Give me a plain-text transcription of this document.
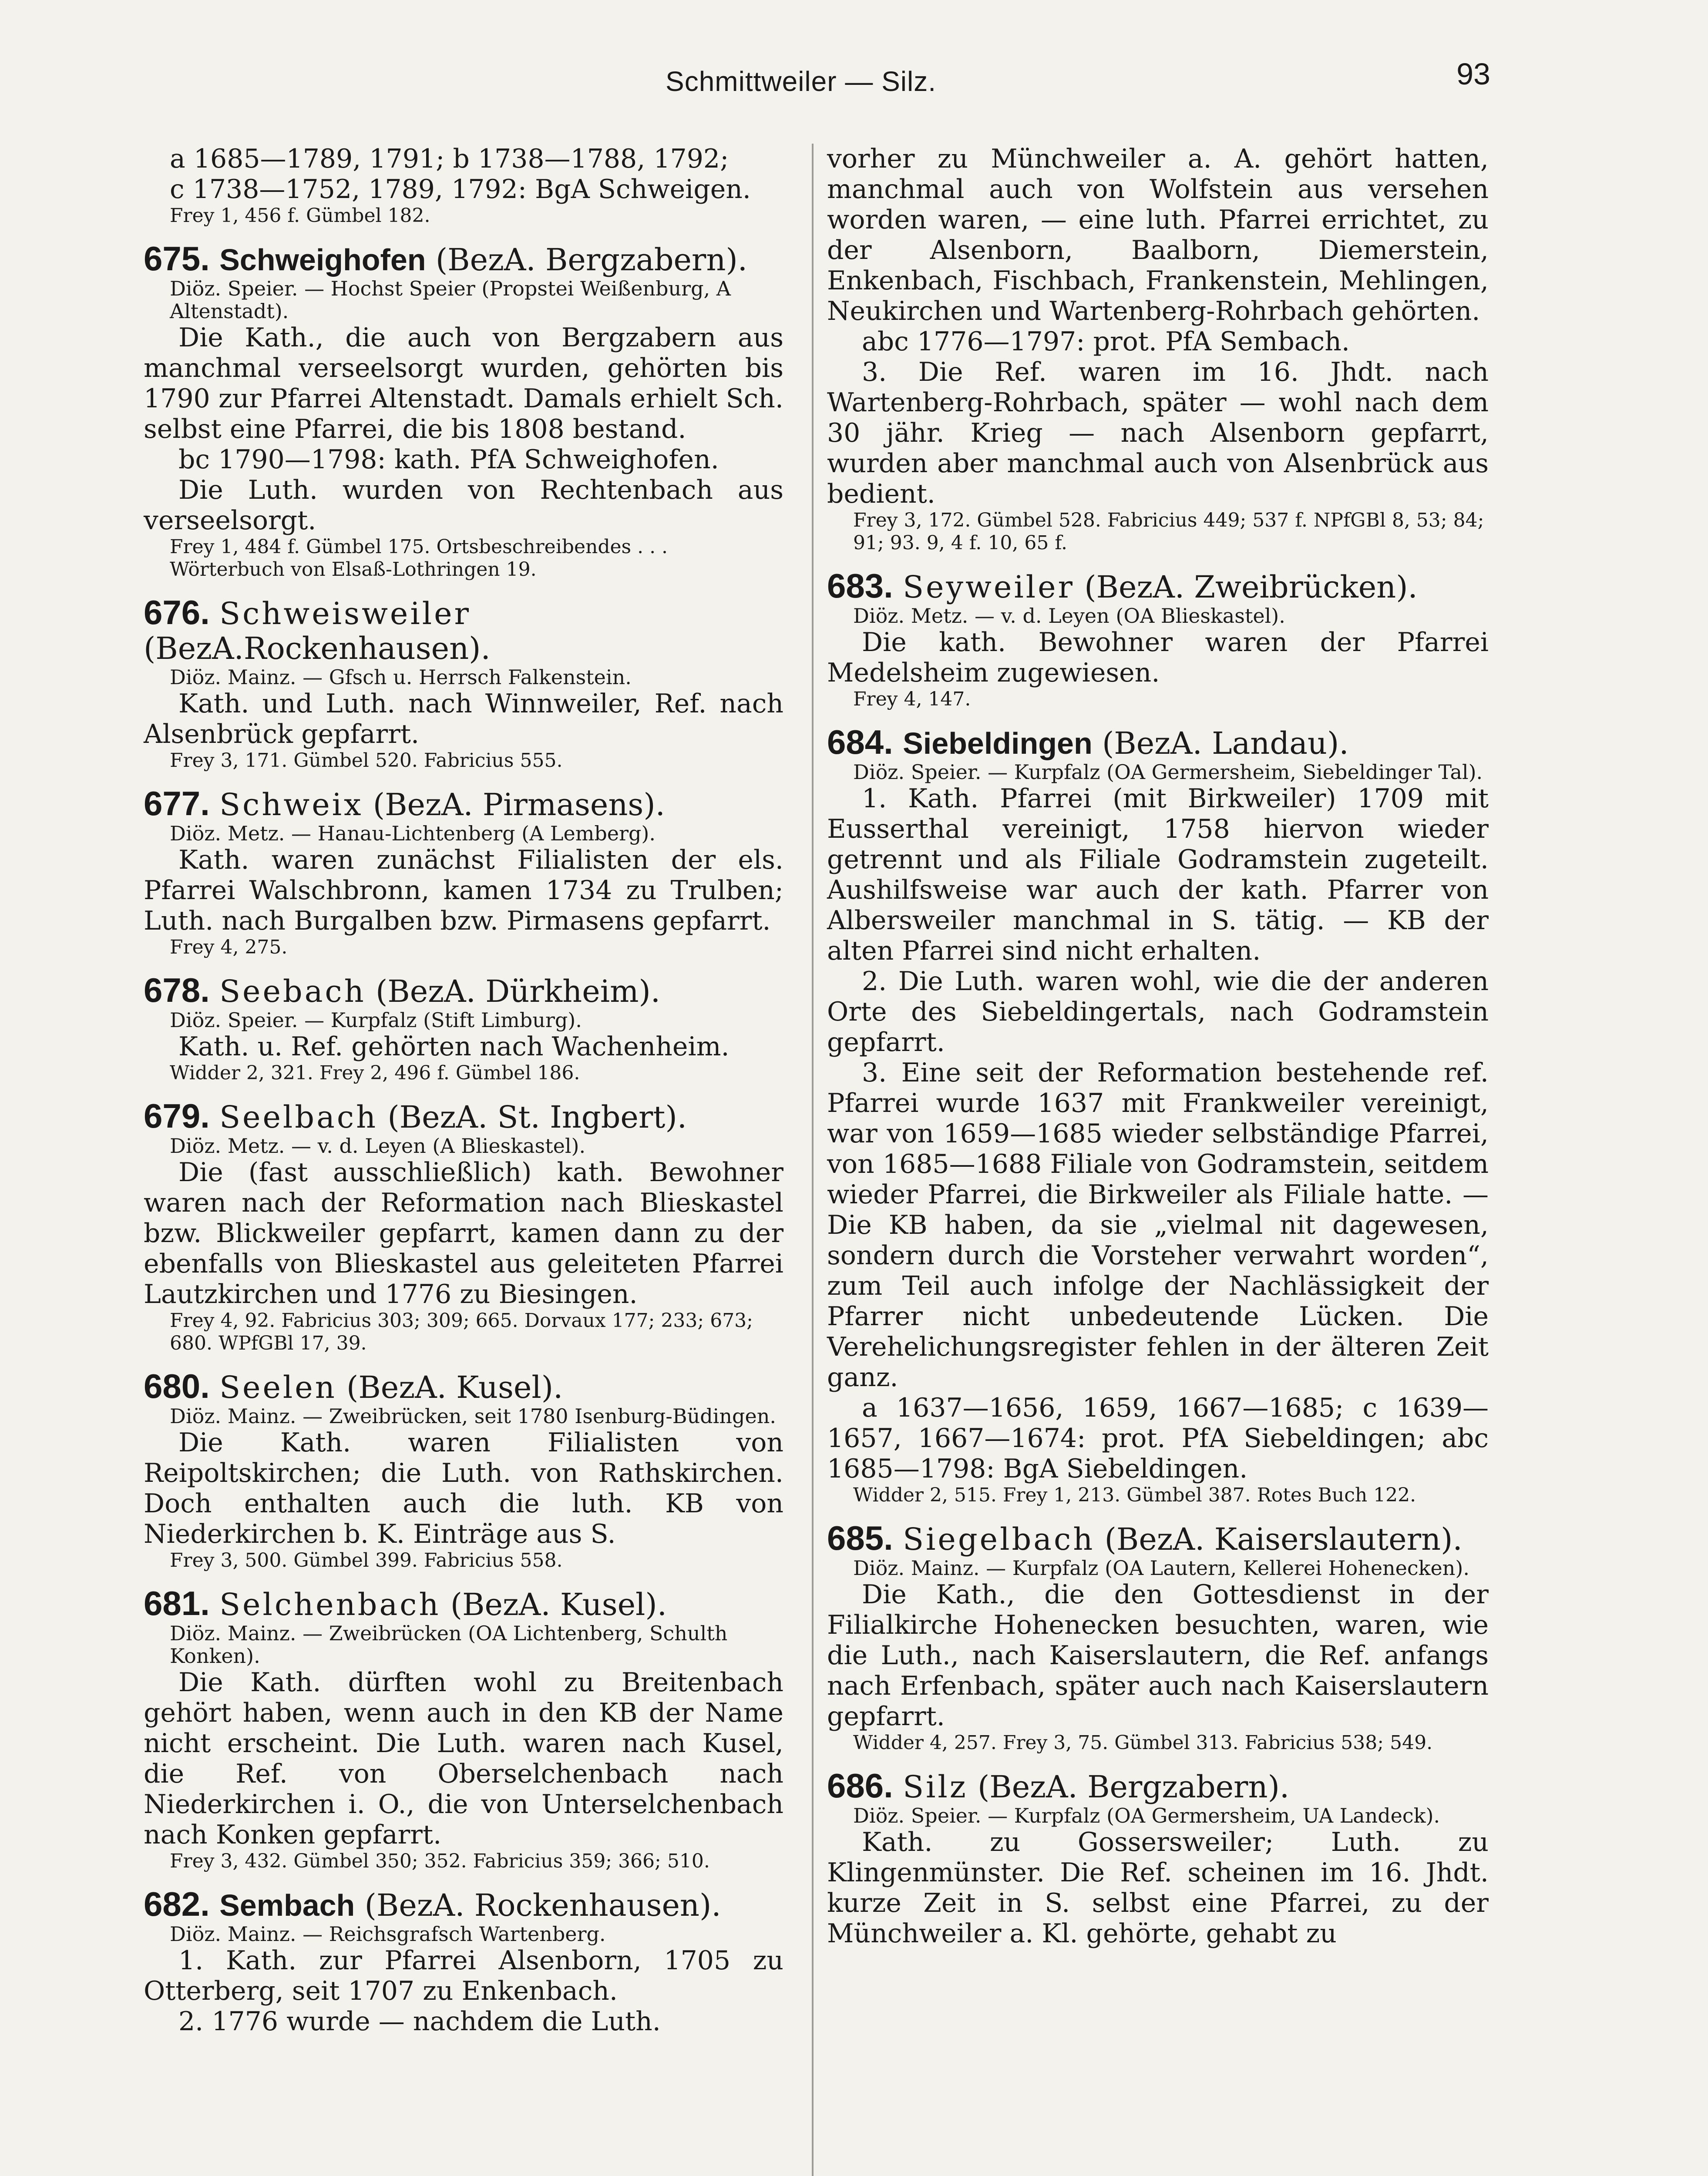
Schmittweiler — Silz.	93

a 1685—1789, 1791; b 1738—1788, 1792;

c 1738—1752, 1789, 1792: BgA Schweigen.

Frey 1, 456 f. Gümbel 182.
675. Schweighofen (BezA. Bergzabern).
Diöz. Speier. — Hochst Speier (Propstei Weißenburg, A Altenstadt).

Die Kath., die auch von Bergzabern aus manchmal verseelsorgt wurden, gehörten bis 1790 zur Pfarrei Altenstadt. Damals erhielt Sch. selbst eine Pfarrei, die bis 1808 bestand.

bc 1790—1798: kath. PfA Schweighofen.

Die Luth. wurden von Rechtenbach aus verseelsorgt.

Frey 1, 484 f. Gümbel 175. Ortsbeschreibendes . . . Wörterbuch von Elsaß-Lothringen 19.
676. Schweisweiler (BezA.Rockenhausen).
Diöz. Mainz. — Gfsch u. Herrsch Falkenstein.

Kath. und Luth. nach Winnweiler, Ref. nach Alsenbrück gepfarrt.

Frey 3, 171. Gümbel 520. Fabricius 555.
677. Schweix (BezA. Pirmasens).
Diöz. Metz. — Hanau-Lichtenberg (A Lemberg).

Kath. waren zunächst Filialisten der els. Pfarrei Walschbronn, kamen 1734 zu Trulben; Luth. nach Burgalben bzw. Pirmasens gepfarrt.

Frey 4, 275.
678. Seebach (BezA. Dürkheim).
Diöz. Speier. — Kurpfalz (Stift Limburg).

Kath. u. Ref. gehörten nach Wachenheim.

Widder 2, 321. Frey 2, 496 f. Gümbel 186.
679. Seelbach (BezA. St. Ingbert).
Diöz. Metz. — v. d. Leyen (A Blieskastel).

Die (fast ausschließlich) kath. Bewohner waren nach der Reformation nach Blieskastel bzw. Blickweiler gepfarrt, kamen dann zu der ebenfalls von Blieskastel aus geleiteten Pfarrei Lautzkirchen und 1776 zu Biesingen.

Frey 4, 92. Fabricius 303; 309; 665. Dorvaux 177; 233; 673; 680. WPfGBl 17, 39.
680. Seelen (BezA. Kusel).
Diöz. Mainz. — Zweibrücken, seit 1780 Isenburg-Büdingen.

Die Kath. waren Filialisten von Reipoltskirchen; die Luth. von Rathskirchen. Doch enthalten auch die luth. KB von Niederkirchen b. K. Einträge aus S.

Frey 3, 500. Gümbel 399. Fabricius 558.
681. Selchenbach (BezA. Kusel).
Diöz. Mainz. — Zweibrücken (OA Lichtenberg, Schulth Konken).

Die Kath. dürften wohl zu Breitenbach gehört haben, wenn auch in den KB der Name nicht erscheint. Die Luth. waren nach Kusel, die Ref. von Oberselchenbach nach Niederkirchen i. O., die von Unterselchenbach nach Konken gepfarrt.

Frey 3, 432. Gümbel 350; 352. Fabricius 359; 366; 510.
682. Sembach (BezA. Rockenhausen).
Diöz. Mainz. — Reichsgrafsch Wartenberg.

1. Kath. zur Pfarrei Alsenborn, 1705 zu Otterberg, seit 1707 zu Enkenbach.

2. 1776 wurde — nachdem die Luth.

vorher zu Münchweiler a. A. gehört hatten, manchmal auch von Wolfstein aus versehen worden waren, — eine luth. Pfarrei errichtet, zu der Alsenborn, Baalborn, Diemerstein, Enkenbach, Fischbach, Frankenstein, Mehlingen, Neukirchen und Wartenberg-Rohrbach gehörten.

abc 1776—1797: prot. PfA Sembach.

3. Die Ref. waren im 16. Jhdt. nach Wartenberg-Rohrbach, später — wohl nach dem 30 jähr. Krieg — nach Alsenborn gepfarrt, wurden aber manchmal auch von Alsenbrück aus bedient.

Frey 3, 172. Gümbel 528. Fabricius 449; 537 f. NPfGBl 8, 53; 84; 91; 93. 9, 4 f. 10, 65 f.
683. Seyweiler (BezA. Zweibrücken).
Diöz. Metz. — v. d. Leyen (OA Blieskastel).

Die kath. Bewohner waren der Pfarrei Medelsheim zugewiesen.

Frey 4, 147.
684. Siebeldingen (BezA. Landau).
Diöz. Speier. — Kurpfalz (OA Germersheim, Siebeldinger Tal).

1. Kath. Pfarrei (mit Birkweiler) 1709 mit Eusserthal vereinigt, 1758 hiervon wieder getrennt und als Filiale Godramstein zugeteilt. Aushilfsweise war auch der kath. Pfarrer von Albersweiler manchmal in S. tätig. — KB der alten Pfarrei sind nicht erhalten.

2. Die Luth. waren wohl, wie die der anderen Orte des Siebeldingertals, nach Godramstein gepfarrt.

3. Eine seit der Reformation bestehende ref. Pfarrei wurde 1637 mit Frankweiler vereinigt, war von 1659—1685 wieder selbständige Pfarrei, von 1685—1688 Filiale von Godramstein, seitdem wieder Pfarrei, die Birkweiler als Filiale hatte. — Die KB haben, da sie „vielmal nit dagewesen, sondern durch die Vorsteher verwahrt worden“, zum Teil auch infolge der Nachlässigkeit der Pfarrer nicht unbedeutende Lücken. Die Verehelichungsregister fehlen in der älteren Zeit ganz.

a 1637—1656, 1659, 1667—1685; c 1639—1657, 1667—1674: prot. PfA Siebeldingen; abc 1685—1798: BgA Siebeldingen.

Widder 2, 515. Frey 1, 213. Gümbel 387. Rotes Buch 122.
685. Siegelbach (BezA. Kaiserslautern).
Diöz. Mainz. — Kurpfalz (OA Lautern, Kellerei Hohenecken).

Die Kath., die den Gottesdienst in der Filialkirche Hohenecken besuchten, waren, wie die Luth., nach Kaiserslautern, die Ref. anfangs nach Erfenbach, später auch nach Kaiserslautern gepfarrt.

Widder 4, 257. Frey 3, 75. Gümbel 313. Fabricius 538; 549.
686. Silz (BezA. Bergzabern).
Diöz. Speier. — Kurpfalz (OA Germersheim, UA Landeck).

Kath. zu Gossersweiler; Luth. zu Klingenmünster. Die Ref. scheinen im 16. Jhdt. kurze Zeit in S. selbst eine Pfarrei, zu der Münchweiler a. Kl. gehörte, gehabt zu
